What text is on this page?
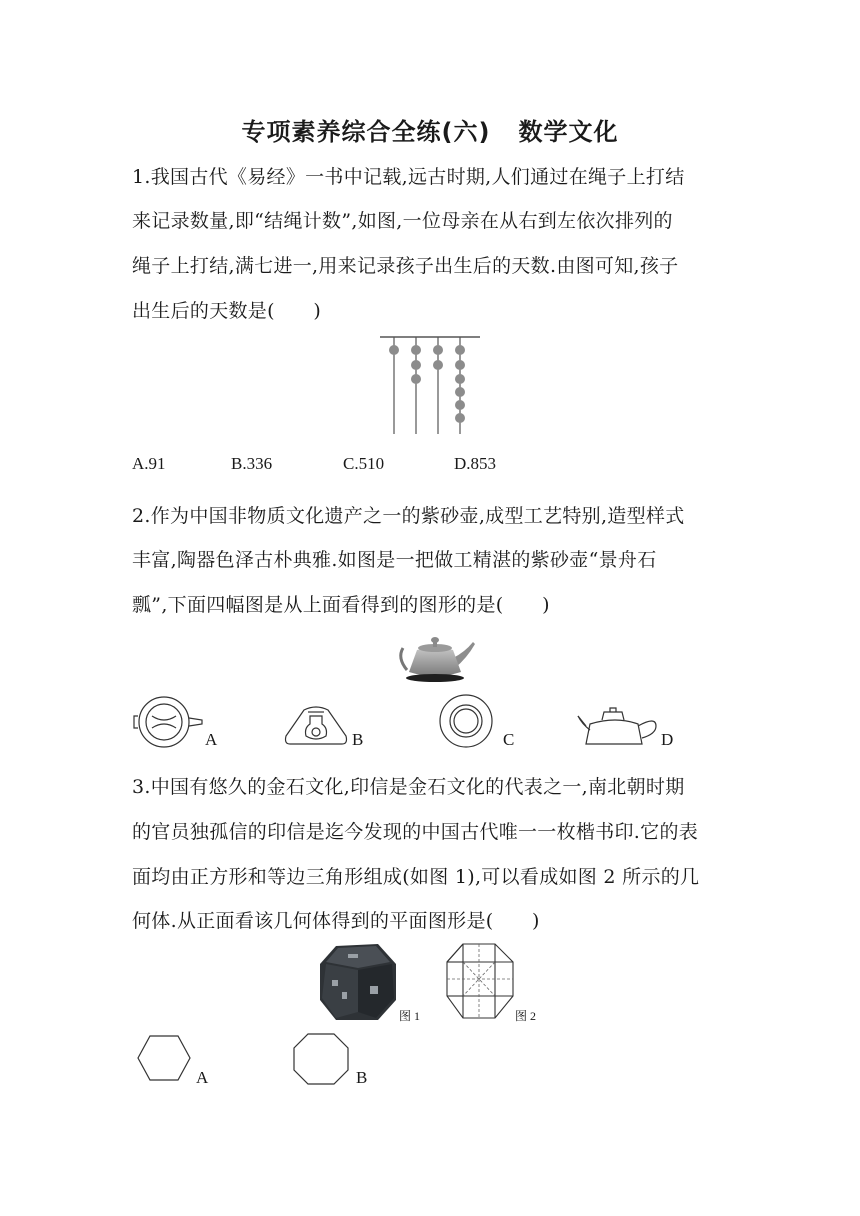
专项素养综合全练(六) 数学文化
1.我国古代《易经》一书中记载,远古时期,人们通过在绳子上打结
来记录数量,即“结绳计数”,如图,一位母亲在从右到左依次排列的
绳子上打结,满七进一,用来记录孩子出生后的天数.由图可知,孩子
出生后的天数是(　　)
A.91	B.336	C.510	D.853
2.作为中国非物质文化遗产之一的紫砂壶,成型工艺特别,造型样式
丰富,陶器色泽古朴典雅.如图是一把做工精湛的紫砂壶“景舟石
瓢”,下面四幅图是从上面看得到的图形的是(　　)
A	B	C	D
3.中国有悠久的金石文化,印信是金石文化的代表之一,南北朝时期
的官员独孤信的印信是迄今发现的中国古代唯一一枚楷书印.它的表
面均由正方形和等边三角形组成(如图 1),可以看成如图 2 所示的几
何体.从正面看该几何体得到的平面图形是(　　)
图 1	图 2
A	B
